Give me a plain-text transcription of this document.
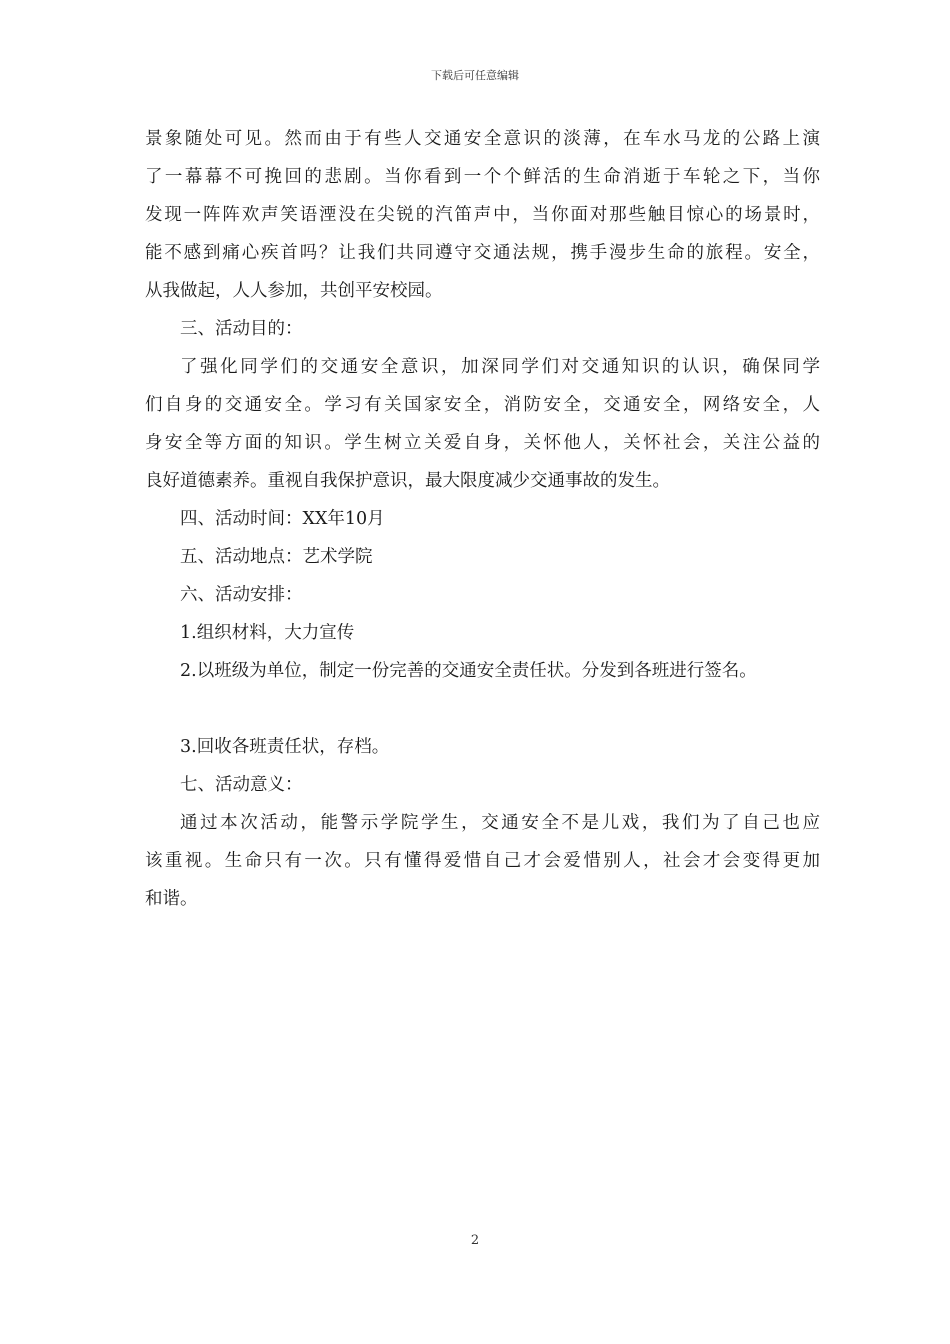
下载后可任意编辑
景象随处可见。然而由于有些人交通安全意识的淡薄，在车水马龙的公路上演
了一幕幕不可挽回的悲剧。当你看到一个个鲜活的生命消逝于车轮之下，当你
发现一阵阵欢声笑语湮没在尖锐的汽笛声中，当你面对那些触目惊心的场景时，
能不感到痛心疾首吗？让我们共同遵守交通法规，携手漫步生命的旅程。安全，
从我做起，人人参加，共创平安校园。
三、活动目的：
了强化同学们的交通安全意识，加深同学们对交通知识的认识，确保同学
们自身的交通安全。学习有关国家安全，消防安全，交通安全，网络安全，人
身安全等方面的知识。学生树立关爱自身，关怀他人，关怀社会，关注公益的
良好道德素养。重视自我保护意识，最大限度减少交通事故的发生。
四、活动时间：XX年10月
五、活动地点：艺术学院
六、活动安排：
1.组织材料，大力宣传
2.以班级为单位，制定一份完善的交通安全责任状。分发到各班进行签名。
3.回收各班责任状，存档。
七、活动意义：
通过本次活动，能警示学院学生，交通安全不是儿戏，我们为了自己也应
该重视。生命只有一次。只有懂得爱惜自己才会爱惜别人，社会才会变得更加
和谐。
2
